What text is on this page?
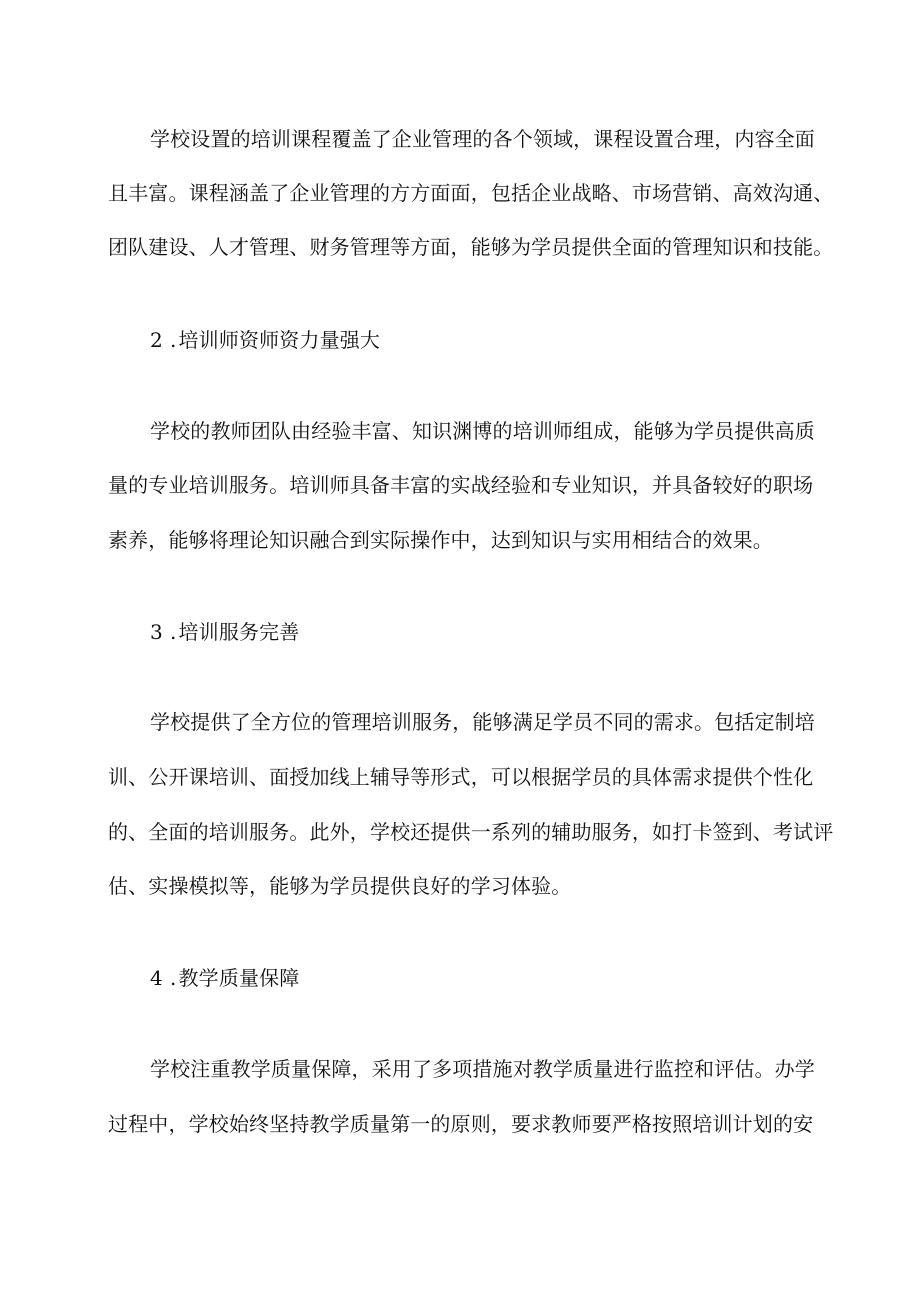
学校设置的培训课程覆盖了企业管理的各个领域，课程设置合理，内容全面
且丰富。课程涵盖了企业管理的方方面面，包括企业战略、市场营销、高效沟通、
团队建设、人才管理、财务管理等方面，能够为学员提供全面的管理知识和技能。
2 . 培训师资师资力量强大
学校的教师团队由经验丰富、知识渊博的培训师组成，能够为学员提供高质
量的专业培训服务。培训师具备丰富的实战经验和专业知识，并具备较好的职场
素养，能够将理论知识融合到实际操作中，达到知识与实用相结合的效果。
3 . 培训服务完善
学校提供了全方位的管理培训服务，能够满足学员不同的需求。包括定制培
训、公开课培训、面授加线上辅导等形式，可以根据学员的具体需求提供个性化
的、全面的培训服务。此外，学校还提供一系列的辅助服务，如打卡签到、考试评
估、实操模拟等，能够为学员提供良好的学习体验。
4 . 教学质量保障
学校注重教学质量保障，采用了多项措施对教学质量进行监控和评估。办学
过程中，学校始终坚持教学质量第一的原则，要求教师要严格按照培训计划的安
